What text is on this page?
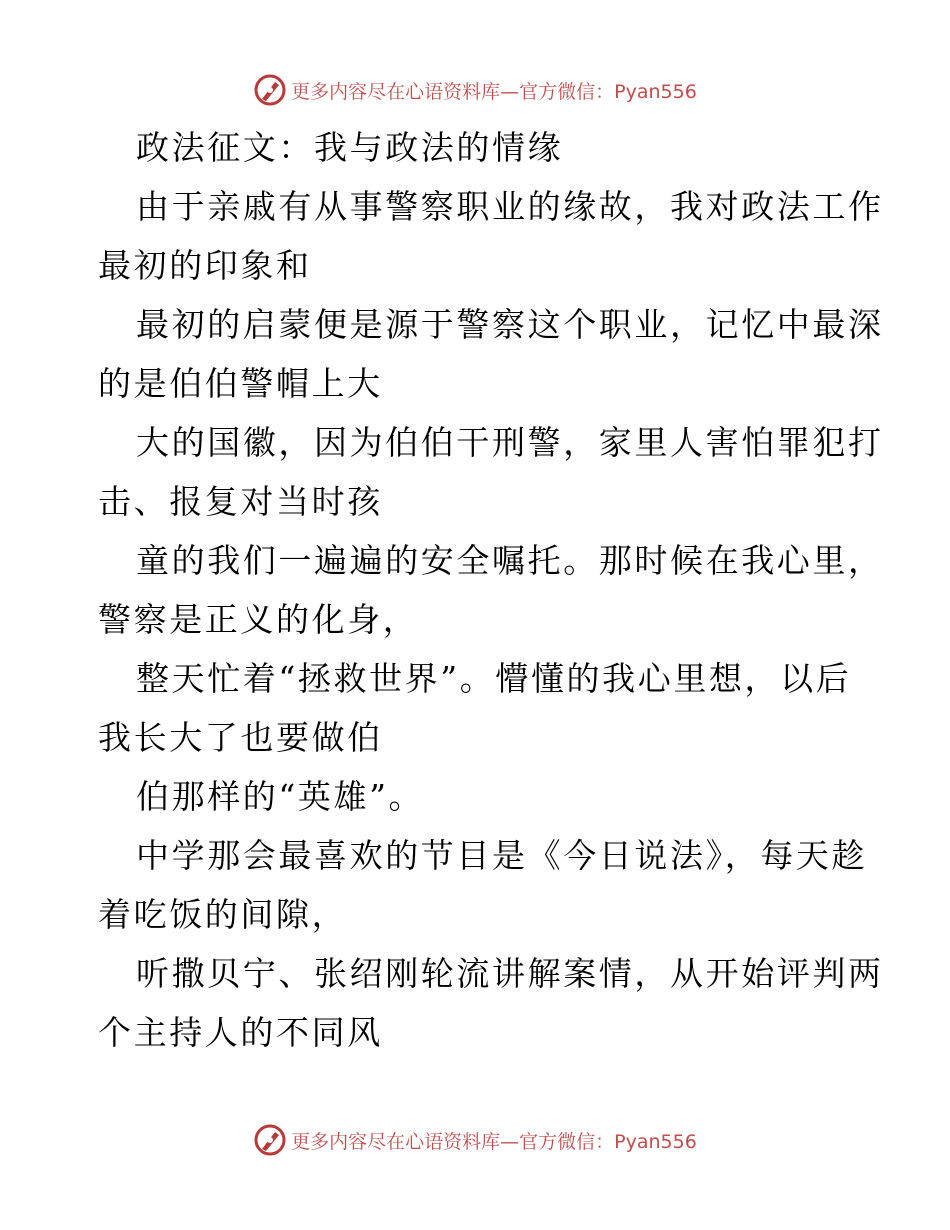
更多内容尽在心语资料库—官方微信：Pyan556
政法征文：我与政法的情缘
由于亲戚有从事警察职业的缘故，我对政法工作
最初的印象和
最初的启蒙便是源于警察这个职业，记忆中最深
的是伯伯警帽上大
大的国徽，因为伯伯干刑警，家里人害怕罪犯打
击、报复对当时孩
童的我们一遍遍的安全嘱托。那时候在我心里，
警察是正义的化身，
整天忙着“拯救世界”。懵懂的我心里想，以后
我长大了也要做伯
伯那样的“英雄”。
中学那会最喜欢的节目是《今日说法》，每天趁
着吃饭的间隙，
听撒贝宁、张绍刚轮流讲解案情，从开始评判两
个主持人的不同风
更多内容尽在心语资料库—官方微信：Pyan556
